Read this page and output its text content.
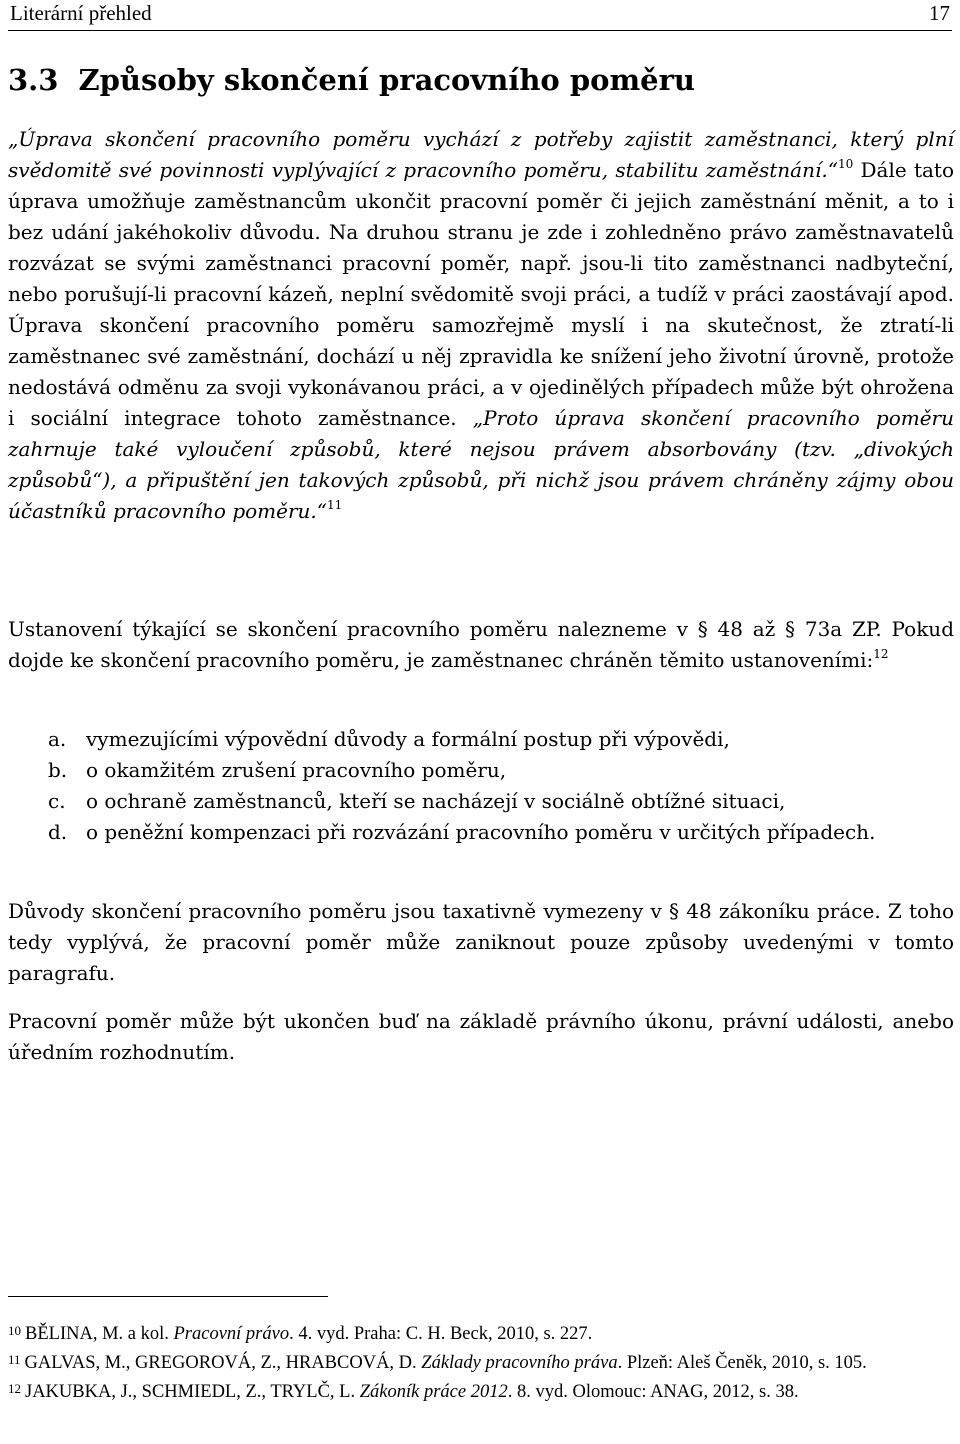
Literární přehled	17
3.3 Způsoby skončení pracovního poměru

„Úprava skončení pracovního poměru vychází z potřeby zajistit zaměstnanci, který plní svědomitě své povinnosti vyplývající z pracovního poměru, stabilitu zaměstnání.“$^{10}$ Dále tato úprava umožňuje zaměstnancům ukončit pracovní poměr či jejich zaměstnání měnit, a to i bez udání jakéhokoliv důvodu. Na druhou stranu je zde i zohledněno právo zaměstnavatelů rozvázat se svými zaměstnanci pracovní poměr, např. jsou-li tito zaměstnanci nadbyteční, nebo porušují-li pracovní kázeň, neplní svědomitě svoji práci, a tudíž v práci zaostávají apod. Úprava skončení pracovního poměru samozřejmě myslí i na skutečnost, že ztratí-li zaměstnanec své zaměstnání, dochází u něj zpravidla ke snížení jeho životní úrovně, protože nedostává odměnu za svoji vykonávanou práci, a v ojedinělých případech může být ohrožena i sociální integrace tohoto zaměstnance. „Proto úprava skončení pracovního poměru zahrnuje také vyloučení způsobů, které nejsou právem absorbovány (tzv. „divokých způsobů“), a připuštění jen takových způsobů, při nichž jsou právem chráněny zájmy obou účastníků pracovního poměru.“$^{11}$

Ustanovení týkající se skončení pracovního poměru nalezneme v § 48 až § 73a ZP. Pokud dojde ke skončení pracovního poměru, je zaměstnanec chráněn těmito ustanoveními:$^{12}$

a. vymezujícími výpovědní důvody a formální postup při výpovědi,
b. o okamžitém zrušení pracovního poměru,
c. o ochraně zaměstnanců, kteří se nacházejí v sociálně obtížné situaci,
d. o peněžní kompenzaci při rozvázání pracovního poměru v určitých případech.

Důvody skončení pracovního poměru jsou taxativně vymezeny v § 48 zákoníku práce. Z toho tedy vyplývá, že pracovní poměr může zaniknout pouze způsoby uvedenými v tomto paragrafu.

Pracovní poměr může být ukončen buď na základě právního úkonu, právní události, anebo úředním rozhodnutím.

$^{10}$ BĚLINA, M. a kol. Pracovní právo. 4. vyd. Praha: C. H. Beck, 2010, s. 227.

$^{11}$ GALVAS, M., GREGOROVÁ, Z., HRABCOVÁ, D. Základy pracovního práva. Plzeň: Aleš Čeněk, 2010, s. 105.

$^{12}$ JAKUBKA, J., SCHMIEDL, Z., TRYLČ, L. Zákoník práce 2012. 8. vyd. Olomouc: ANAG, 2012, s. 38.
